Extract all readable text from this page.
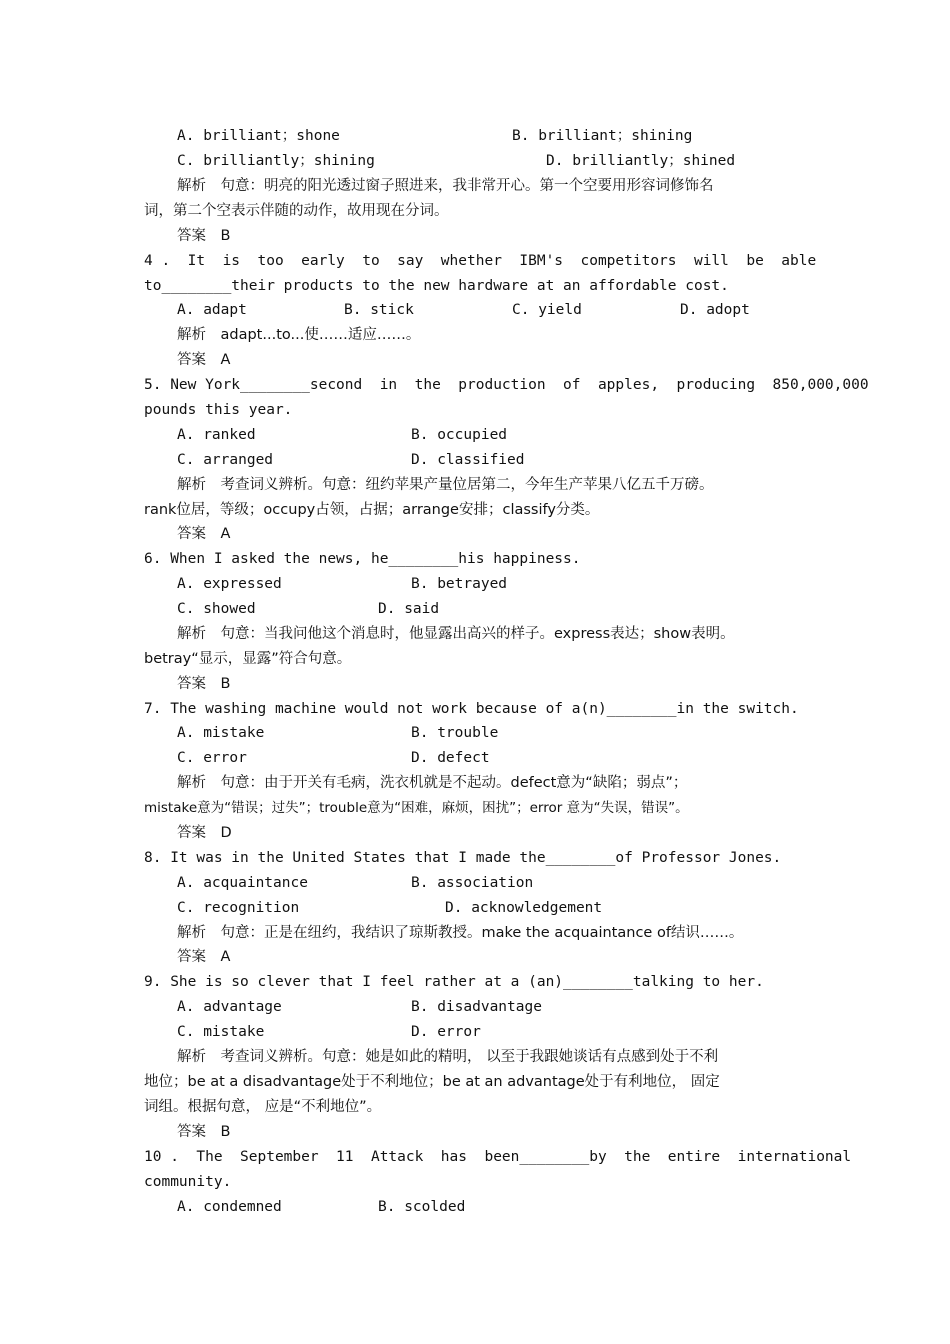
A. brilliant；shone	B. brilliant；shining
C. brilliantly；shining	D. brilliantly；shined
解析　句意：明亮的阳光透过窗子照进来，我非常开心。第一个空要用形容词修饰名
词，第二个空表示伴随的动作，故用现在分词。
答案　B
4 .  It  is  too  early  to  say  whether  IBM's  competitors  will  be  able
to________their products to the new hardware at an affordable cost.
A. adapt	B. stick	C. yield	D. adopt
解析　adapt...to...使……适应……。
答案　A
5. New York________second  in  the  production  of  apples,  producing  850,000,000
pounds this year.
A. ranked	B. occupied
C. arranged	D. classified
解析　考查词义辨析。句意：纽约苹果产量位居第二，今年生产苹果八亿五千万磅。
rank位居，等级；occupy占领，占据；arrange安排；classify分类。
答案　A
6. When I asked the news, he________his happiness.
A. expressed	B. betrayed
C. showed	D. said
解析　句意：当我问他这个消息时，他显露出高兴的样子。express表达；show表明。
betray“显示，显露”符合句意。
答案　B
7. The washing machine would not work because of a(n)________in the switch.
A. mistake	B. trouble
C. error	D. defect
解析　句意：由于开关有毛病，洗衣机就是不起动。defect意为“缺陷；弱点”；
mistake意为“错误；过失”；trouble意为“困难，麻烦，困扰”；error 意为“失误，错误”。
答案　D
8. It was in the United States that I made the________of Professor Jones.
A. acquaintance	B. association
C. recognition	D. acknowledgement
解析　句意：正是在纽约，我结识了琼斯教授。make the acquaintance of结识……。
答案　A
9. She is so clever that I feel rather at a (an)________talking to her.
A. advantage	B. disadvantage
C. mistake	D. error
解析　考查词义辨析。句意：她是如此的精明， 以至于我跟她谈话有点感到处于不利
地位；be at a disadvantage处于不利地位；be at an advantage处于有利地位， 固定
词组。根据句意， 应是“不利地位”。
答案　B
10 .  The  September  11  Attack  has  been________by  the  entire  international
community.
A. condemned	B. scolded
